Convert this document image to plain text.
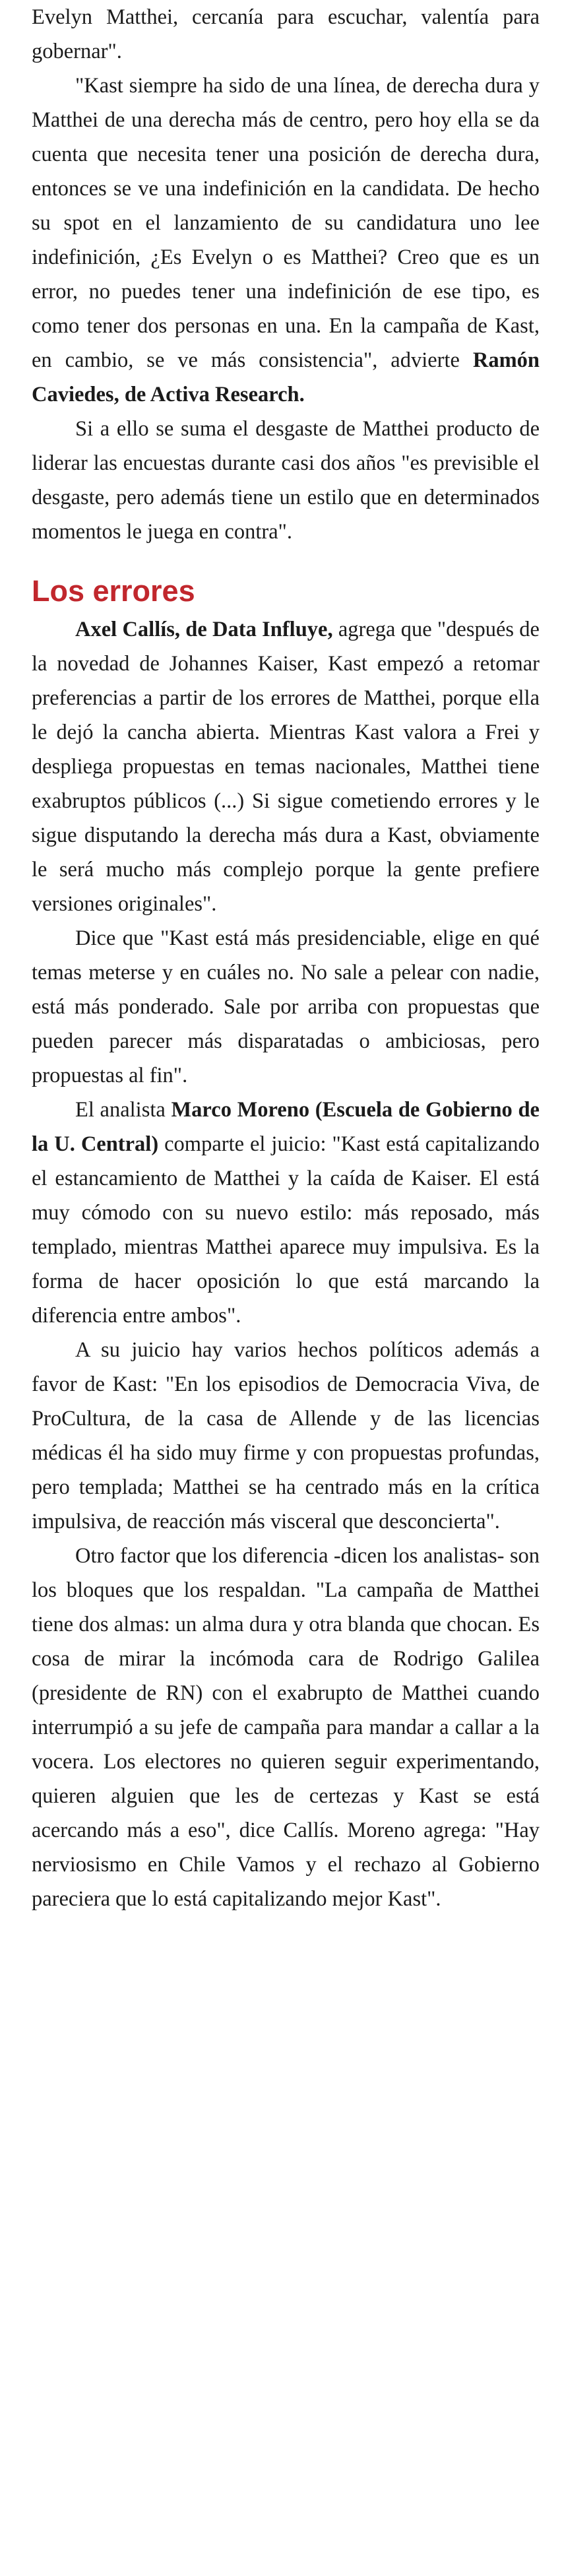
Evelyn Matthei, cercanía para escuchar, valentía para gobernar".

"Kast siempre ha sido de una línea, de derecha dura y Matthei de una derecha más de centro, pero hoy ella se da cuenta que necesita tener una posición de derecha dura, entonces se ve una indefinición en la candidata. De hecho su spot en el lanzamiento de su candidatura uno lee indefinición, ¿Es Evelyn o es Matthei? Creo que es un error, no puedes tener una indefinición de ese tipo, es como tener dos personas en una. En la campaña de Kast, en cambio, se ve más consistencia", advierte Ramón Caviedes, de Activa Research.

Si a ello se suma el desgaste de Matthei producto de liderar las encuestas durante casi dos años "es previsible el desgaste, pero además tiene un estilo que en determinados momentos le juega en contra".

Los errores

Axel Callís, de Data Influye, agrega que "después de la novedad de Johannes Kaiser, Kast empezó a retomar preferencias a partir de los errores de Matthei, porque ella le dejó la cancha abierta. Mientras Kast valora a Frei y despliega propuestas en temas nacionales, Matthei tiene exabruptos públicos (...) Si sigue cometiendo errores y le sigue disputando la derecha más dura a Kast, obviamente le será mucho más complejo porque la gente prefiere versiones originales".

Dice que "Kast está más presidenciable, elige en qué temas meterse y en cuáles no. No sale a pelear con nadie, está más ponderado. Sale por arriba con propuestas que pueden parecer más disparatadas o ambiciosas, pero propuestas al fin".

El analista Marco Moreno (Escuela de Gobierno de la U. Central) comparte el juicio: "Kast está capitalizando el estancamiento de Matthei y la caída de Kaiser. El está muy cómodo con su nuevo estilo: más reposado, más templado, mientras Matthei aparece muy impulsiva. Es la forma de hacer oposición lo que está marcando la diferencia entre ambos".

A su juicio hay varios hechos políticos además a favor de Kast: "En los episodios de Democracia Viva, de ProCultura, de la casa de Allende y de las licencias médicas él ha sido muy firme y con propuestas profundas, pero templada; Matthei se ha centrado más en la crítica impulsiva, de reacción más visceral que desconcierta".

Otro factor que los diferencia -dicen los analistas- son los bloques que los respaldan. "La campaña de Matthei tiene dos almas: un alma dura y otra blanda que chocan. Es cosa de mirar la incómoda cara de Rodrigo Galilea (presidente de RN) con el exabrupto de Matthei cuando interrumpió a su jefe de campaña para mandar a callar a la vocera. Los electores no quieren seguir experimentando, quieren alguien que les de certezas y Kast se está acercando más a eso", dice Callís. Moreno agrega: "Hay nerviosismo en Chile Vamos y el rechazo al Gobierno pareciera que lo está capitalizando mejor Kast".
